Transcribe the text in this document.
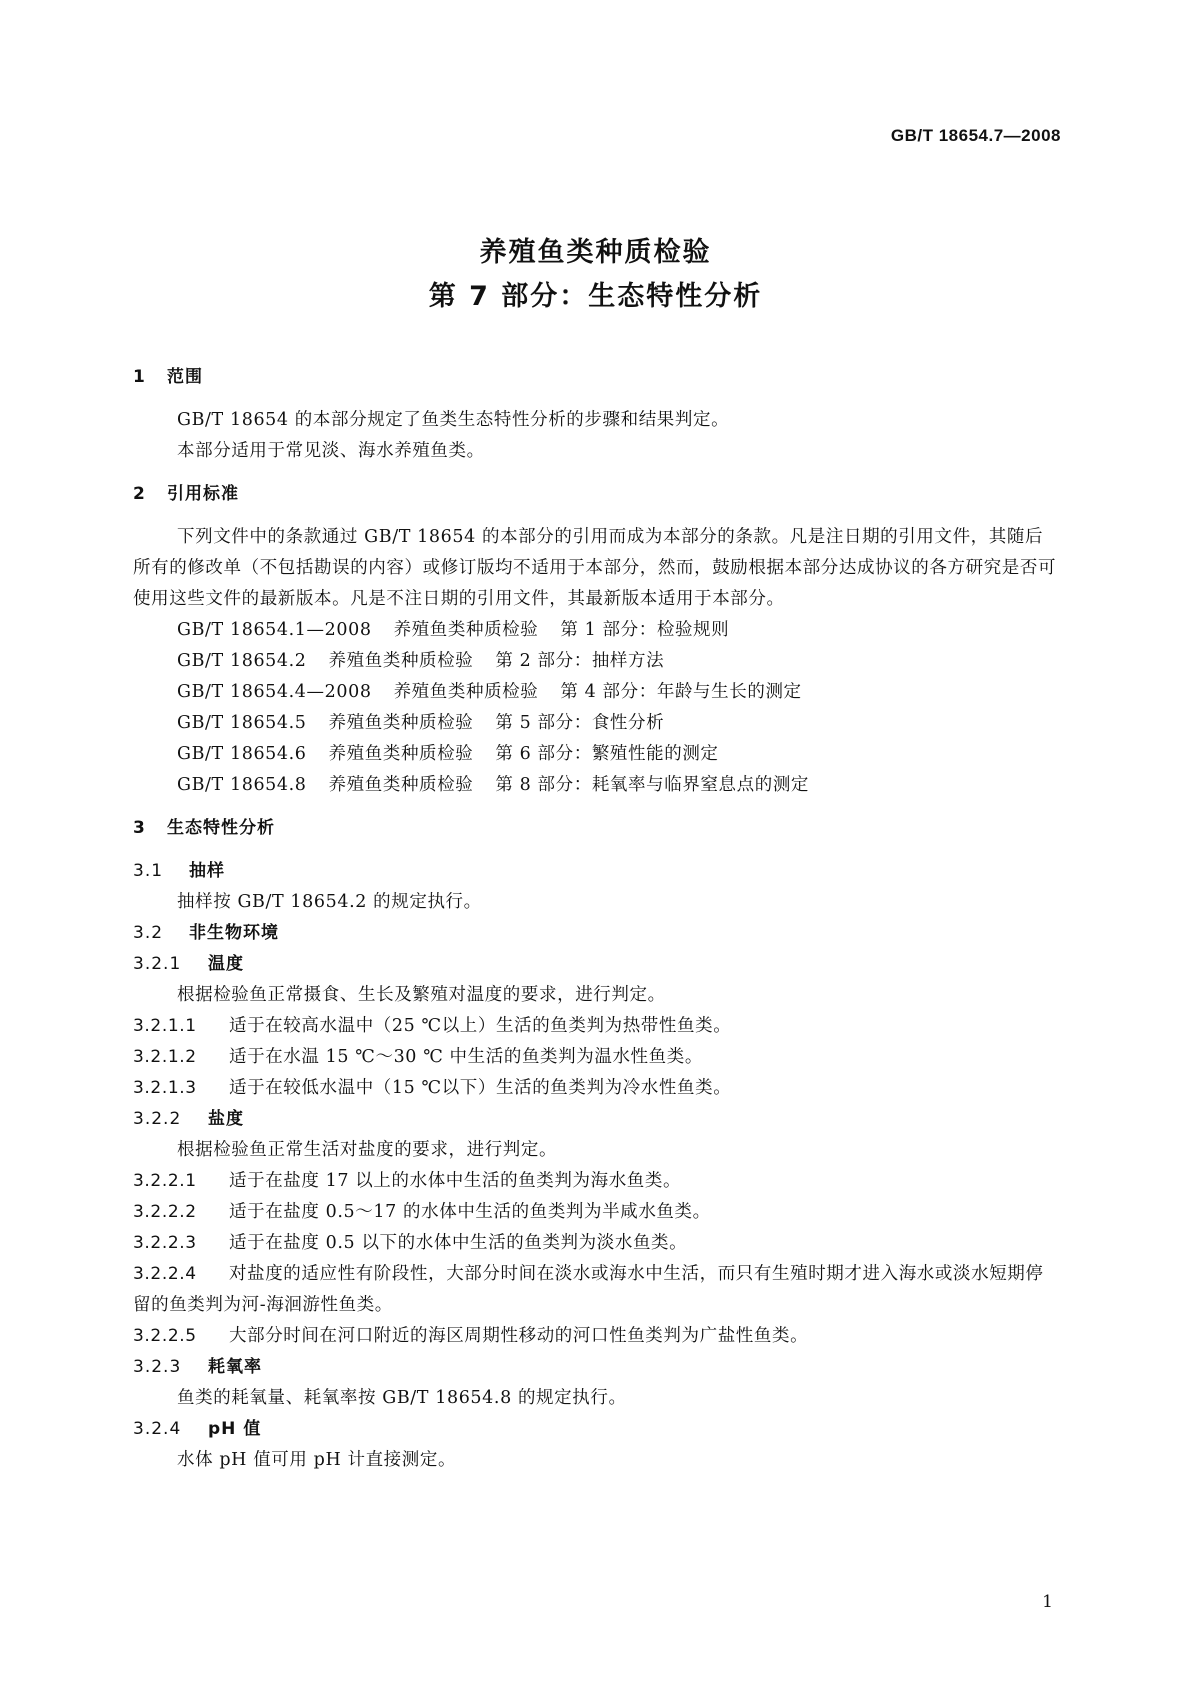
GB/T 18654.7—2008
养殖鱼类种质检验
第 7 部分：生态特性分析
1 范围

GB/T 18654 的本部分规定了鱼类生态特性分析的步骤和结果判定。

本部分适用于常见淡、海水养殖鱼类。

2 引用标准

下列文件中的条款通过 GB/T 18654 的本部分的引用而成为本部分的条款。凡是注日期的引用文件，其随后所有的修改单（不包括勘误的内容）或修订版均不适用于本部分，然而，鼓励根据本部分达成协议的各方研究是否可使用这些文件的最新版本。凡是不注日期的引用文件，其最新版本适用于本部分。

GB/T 18654.1—2008 养殖鱼类种质检验 第 1 部分：检验规则
GB/T 18654.2 养殖鱼类种质检验 第 2 部分：抽样方法
GB/T 18654.4—2008 养殖鱼类种质检验 第 4 部分：年龄与生长的测定
GB/T 18654.5 养殖鱼类种质检验 第 5 部分：食性分析
GB/T 18654.6 养殖鱼类种质检验 第 6 部分：繁殖性能的测定
GB/T 18654.8 养殖鱼类种质检验 第 8 部分：耗氧率与临界窒息点的测定
3 生态特性分析
3.1 抽样

抽样按 GB/T 18654.2 的规定执行。

3.2 非生物环境
3.2.1 温度

根据检验鱼正常摄食、生长及繁殖对温度的要求，进行判定。

3.2.1.1 适于在较高水温中（25 ℃以上）生活的鱼类判为热带性鱼类。
3.2.1.2 适于在水温 15 ℃～30 ℃ 中生活的鱼类判为温水性鱼类。
3.2.1.3 适于在较低水温中（15 ℃以下）生活的鱼类判为冷水性鱼类。
3.2.2 盐度

根据检验鱼正常生活对盐度的要求，进行判定。

3.2.2.1 适于在盐度 17 以上的水体中生活的鱼类判为海水鱼类。
3.2.2.2 适于在盐度 0.5～17 的水体中生活的鱼类判为半咸水鱼类。
3.2.2.3 适于在盐度 0.5 以下的水体中生活的鱼类判为淡水鱼类。
3.2.2.4 对盐度的适应性有阶段性，大部分时间在淡水或海水中生活，而只有生殖时期才进入海水或淡水短期停留的鱼类判为河-海洄游性鱼类。
3.2.2.5 大部分时间在河口附近的海区周期性移动的河口性鱼类判为广盐性鱼类。
3.2.3 耗氧率

鱼类的耗氧量、耗氧率按 GB/T 18654.8 的规定执行。

3.2.4 pH 值

水体 pH 值可用 pH 计直接测定。

1
